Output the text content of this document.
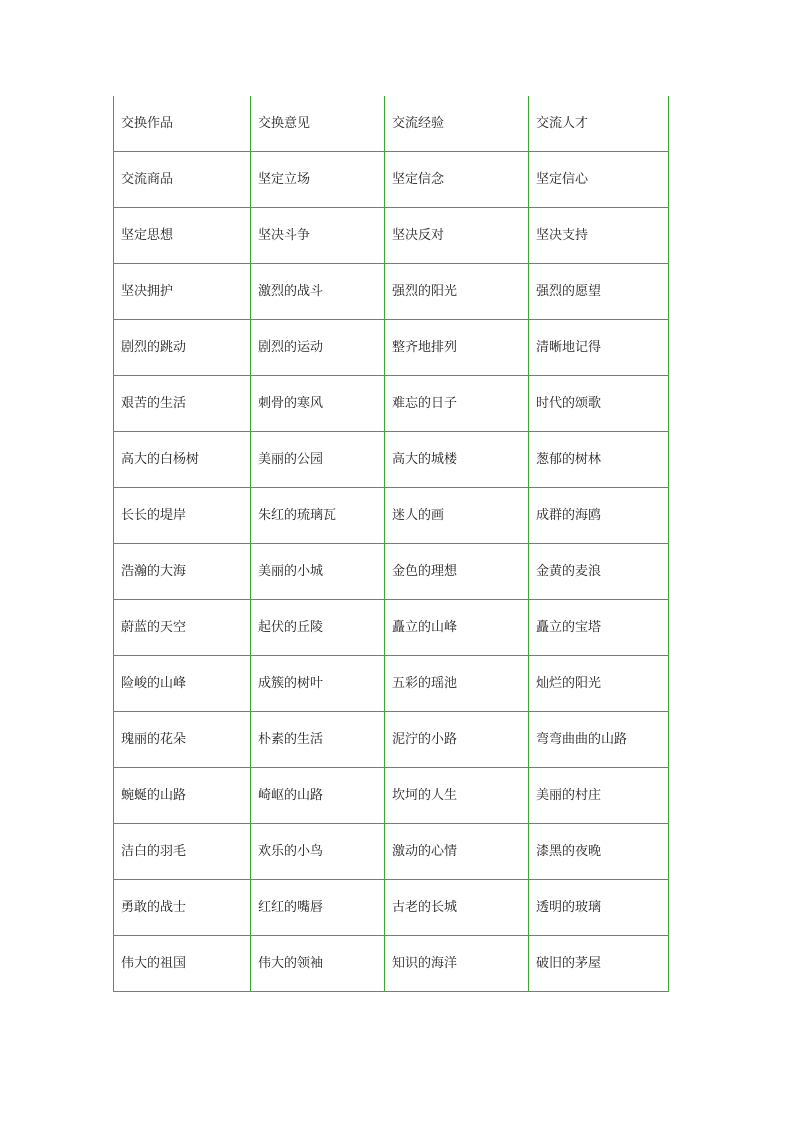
交换作品	交换意见	交流经验	交流人才
交流商品	坚定立场	坚定信念	坚定信心
坚定思想	坚决斗争	坚决反对	坚决支持
坚决拥护	激烈的战斗	强烈的阳光	强烈的愿望
剧烈的跳动	剧烈的运动	整齐地排列	清晰地记得
艰苦的生活	刺骨的寒风	难忘的日子	时代的颂歌
高大的白杨树	美丽的公园	高大的城楼	葱郁的树林
长长的堤岸	朱红的琉璃瓦	迷人的画	成群的海鸥
浩瀚的大海	美丽的小城	金色的理想	金黄的麦浪
蔚蓝的天空	起伏的丘陵	矗立的山峰	矗立的宝塔
险峻的山峰	成簇的树叶	五彩的瑶池	灿烂的阳光
瑰丽的花朵	朴素的生活	泥泞的小路	弯弯曲曲的山路
蜿蜒的山路	崎岖的山路	坎坷的人生	美丽的村庄
洁白的羽毛	欢乐的小鸟	激动的心情	漆黑的夜晚
勇敢的战士	红红的嘴唇	古老的长城	透明的玻璃
伟大的祖国	伟大的领袖	知识的海洋	破旧的茅屋
